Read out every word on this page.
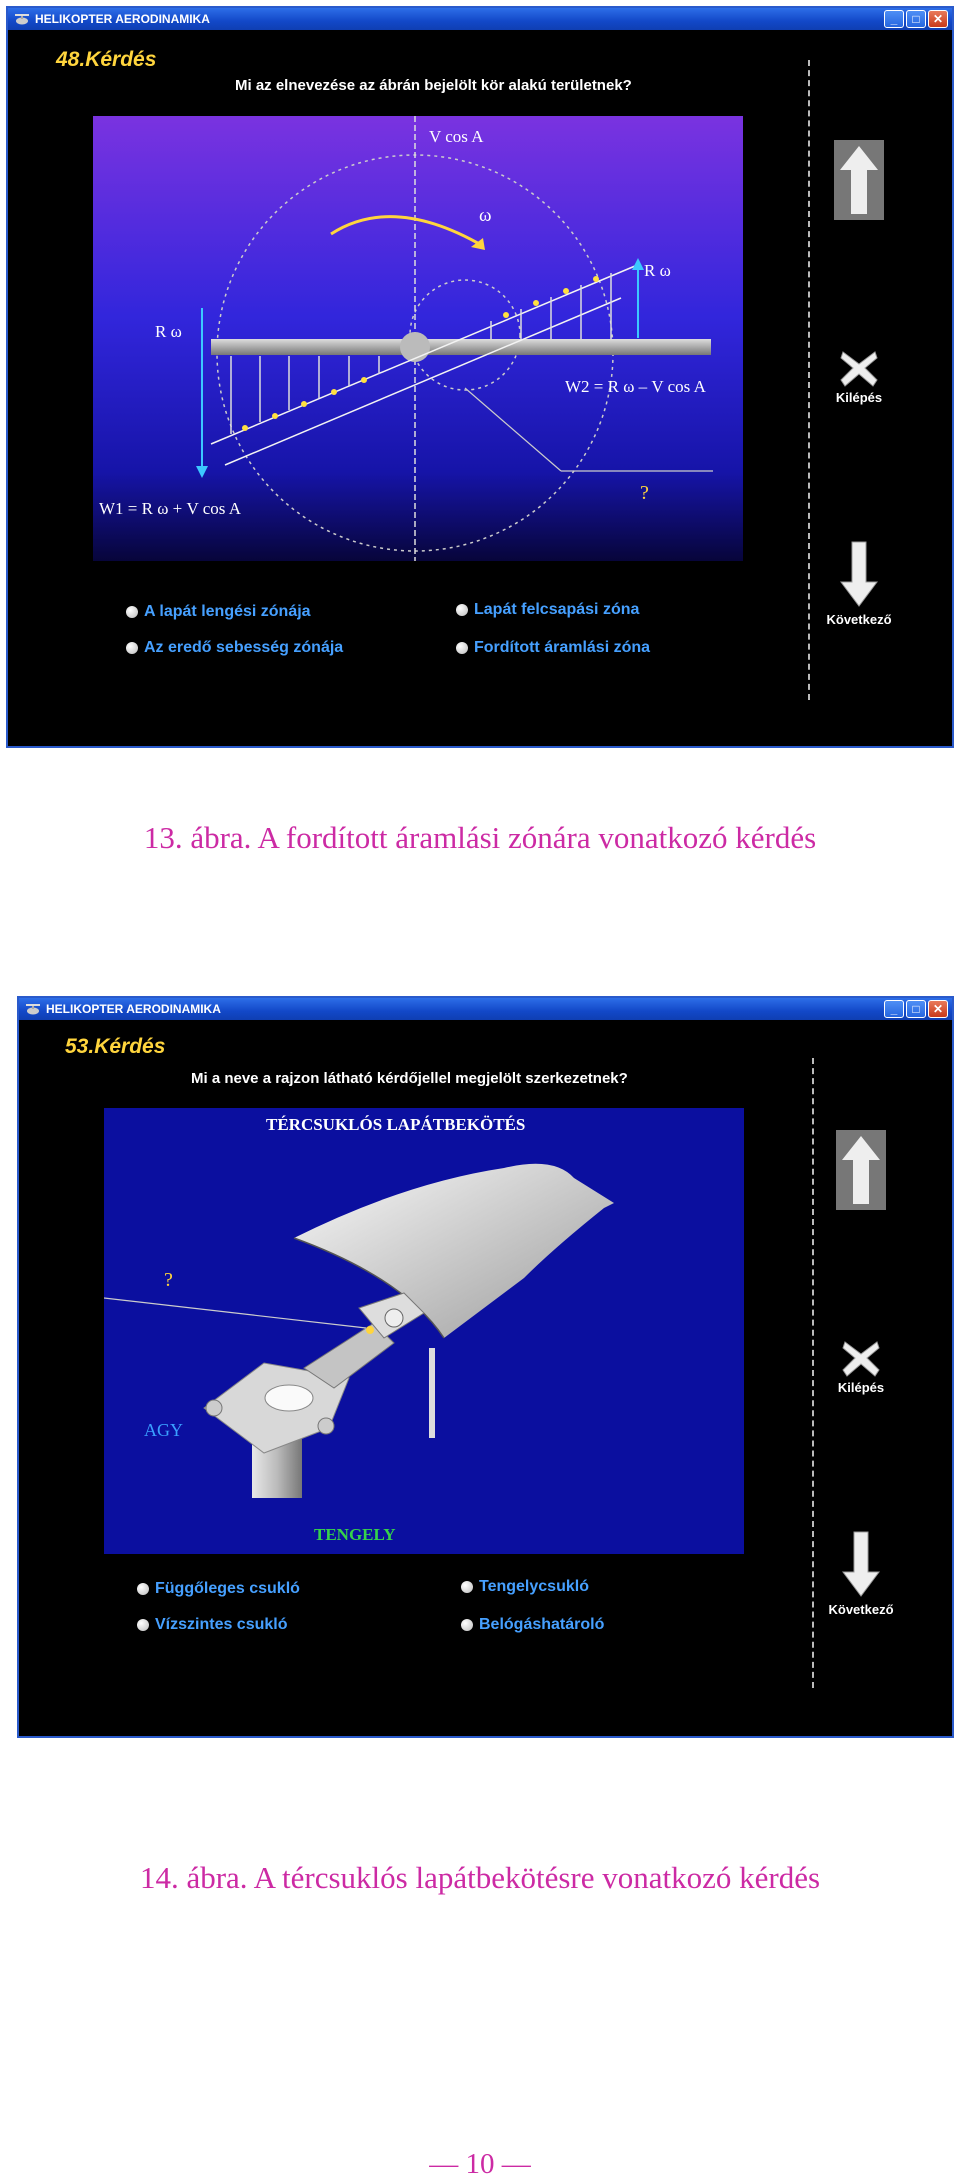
HELIKOPTER AERODINAMIKA	_	□	✕
48.Kérdés
Mi az elnevezése az ábrán bejelölt kör alakú területnek?
V cos A
ω
R ω
R ω
W2 = R ω – V cos A
W1 = R ω + V cos A
?
A lapát lengési zónája	Lapát felcsapási zóna
Az eredő sebesség zónája	Fordított áramlási zóna
Kilépés
Következő
13. ábra. A fordított áramlási zónára vonatkozó kérdés
HELIKOPTER AERODINAMIKA	_	□	✕
53.Kérdés
Mi a neve a rajzon látható kérdőjellel megjelölt szerkezetnek?
TÉRCSUKLÓS LAPÁTBEKÖTÉS
?
AGY
TENGELY
Függőleges csukló	Tengelycsukló
Vízszintes csukló	Belógáshatároló
Kilépés
Következő
14. ábra. A tércsuklós lapátbekötésre vonatkozó kérdés
— 10 —
